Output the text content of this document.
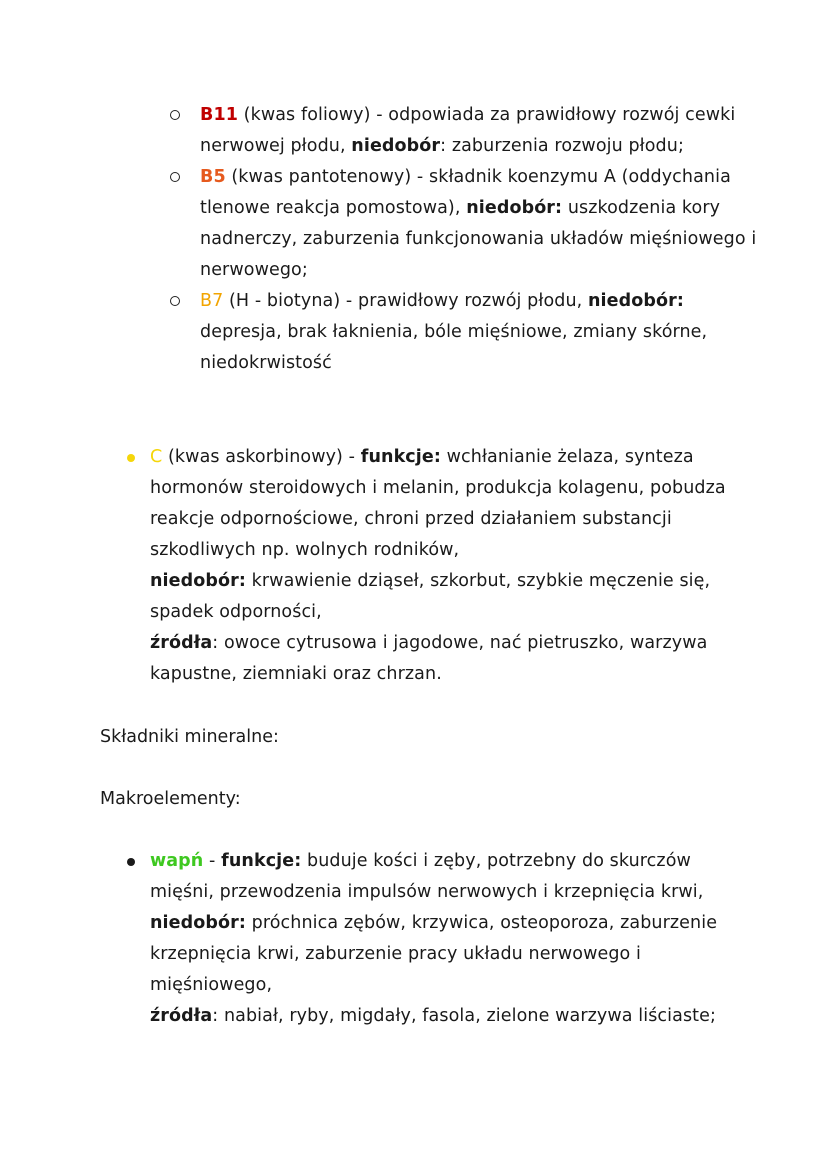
B11 (kwas foliowy) - odpowiada za prawidłowy rozwój cewki nerwowej płodu, niedobór: zaburzenia rozwoju płodu;
B5 (kwas pantotenowy) - składnik koenzymu A (oddychania tlenowe reakcja pomostowa), niedobór: uszkodzenia kory nadnerczy, zaburzenia funkcjonowania układów mięśniowego i nerwowego;
B7 (H - biotyna) - prawidłowy rozwój płodu, niedobór: depresja, brak łaknienia, bóle mięśniowe, zmiany skórne, niedokrwistość
C (kwas askorbinowy) - funkcje: wchłanianie żelaza, synteza hormonów steroidowych i melanin, produkcja kolagenu, pobudza reakcje odpornościowe, chroni przed działaniem substancji szkodliwych np. wolnych rodników,
niedobór: krwawienie dziąseł, szkorbut, szybkie męczenie się, spadek odporności,
źródła: owoce cytrusowa i jagodowe, nać pietruszko, warzywa kapustne, ziemniaki oraz chrzan.
Składniki mineralne:
Makroelementy:
wapń - funkcje: buduje kości i zęby, potrzebny do skurczów mięśni, przewodzenia impulsów nerwowych i krzepnięcia krwi,
niedobór: próchnica zębów, krzywica, osteoporoza, zaburzenie krzepnięcia krwi, zaburzenie pracy układu nerwowego i mięśniowego,
źródła: nabiał, ryby, migdały, fasola, zielone warzywa liściaste;
